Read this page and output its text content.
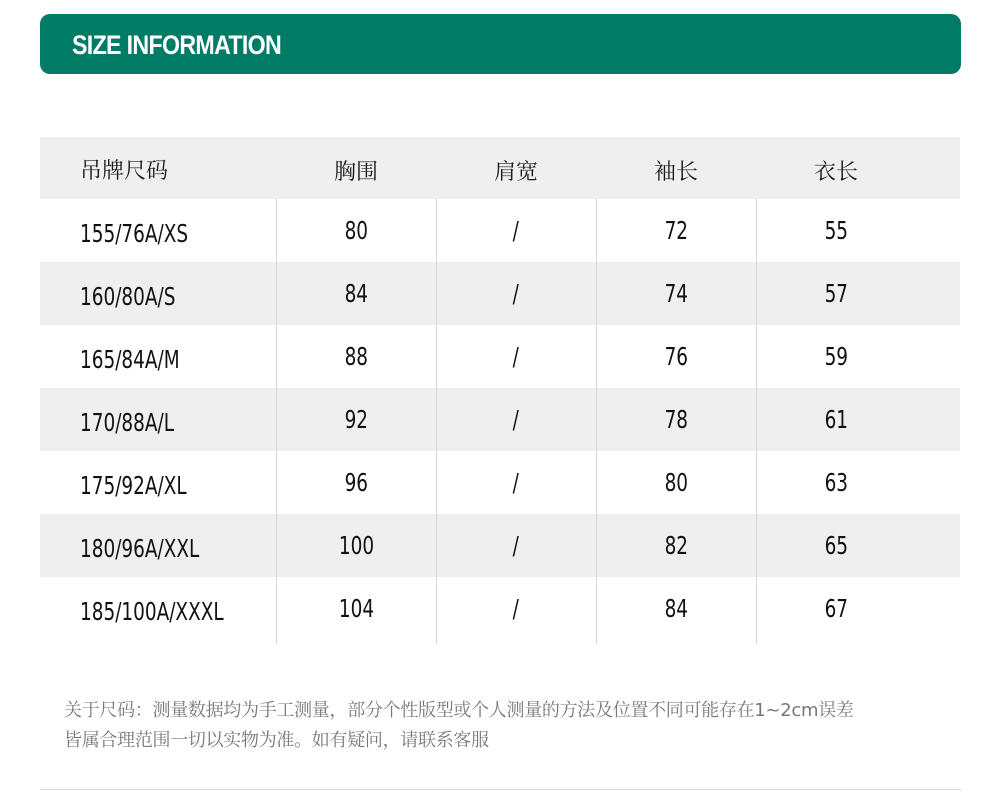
SIZE INFORMATION
吊牌尺码	胸围	肩宽	袖长	衣长
155/76A/XS	80	/	72	55
160/80A/S	84	/	74	57
165/84A/M	88	/	76	59
170/88A/L	92	/	78	61
175/92A/XL	96	/	80	63
180/96A/XXL	100	/	82	65
185/100A/XXXL	104	/	84	67

关于尺码：测量数据均为手工测量，部分个性版型或个人测量的方法及位置不同可能存在1~2cm误差

皆属合理范围一切以实物为准。如有疑问，请联系客服
